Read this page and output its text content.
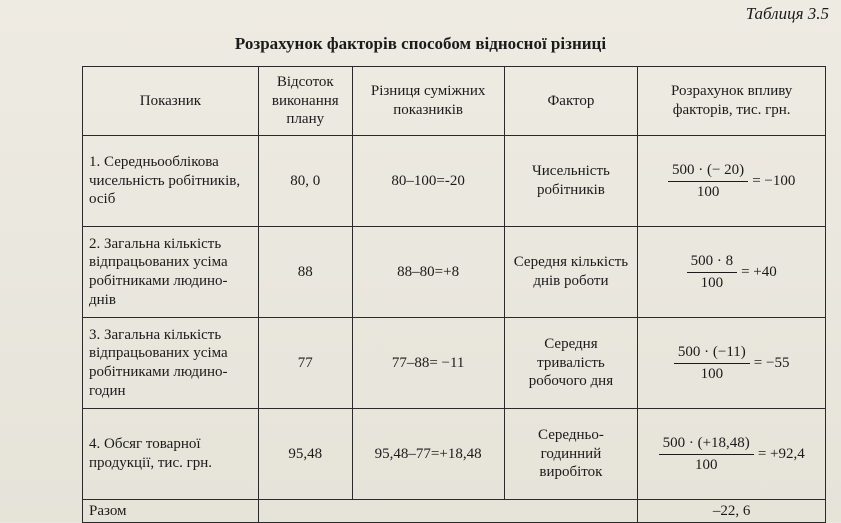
Таблиця 3.5
Розрахунок факторів способом відносної різниці
Показник	Відсоток виконання плану	Різниця суміжних показників	Фактор	Розрахунок впливу факторів, тис. грн.
1. Середньооблікова чисельність робітників, осіб	80, 0	80–100=-20	Чисельність робітників	$\frac{500 \cdot (- 20)}{100} = -100$
2. Загальна кількість відпрацьованих усіма робітниками людино-днів	88	88–80=+8	Середня кількість днів роботи	$\frac{500 \cdot 8}{100} = +40$
3. Загальна кількість відпрацьованих усіма робітниками людино-годин	77	77–88= −11	Середня тривалість робочого дня	$\frac{500 \cdot (-11)}{100} = -55$
4. Обсяг товарної продукції, тис. грн.	95,48	95,48–77=+18,48	Середньо-годинний виробіток	$\frac{500 \cdot (+18,48)}{100} = +92,4$
Разом				–22, 6
